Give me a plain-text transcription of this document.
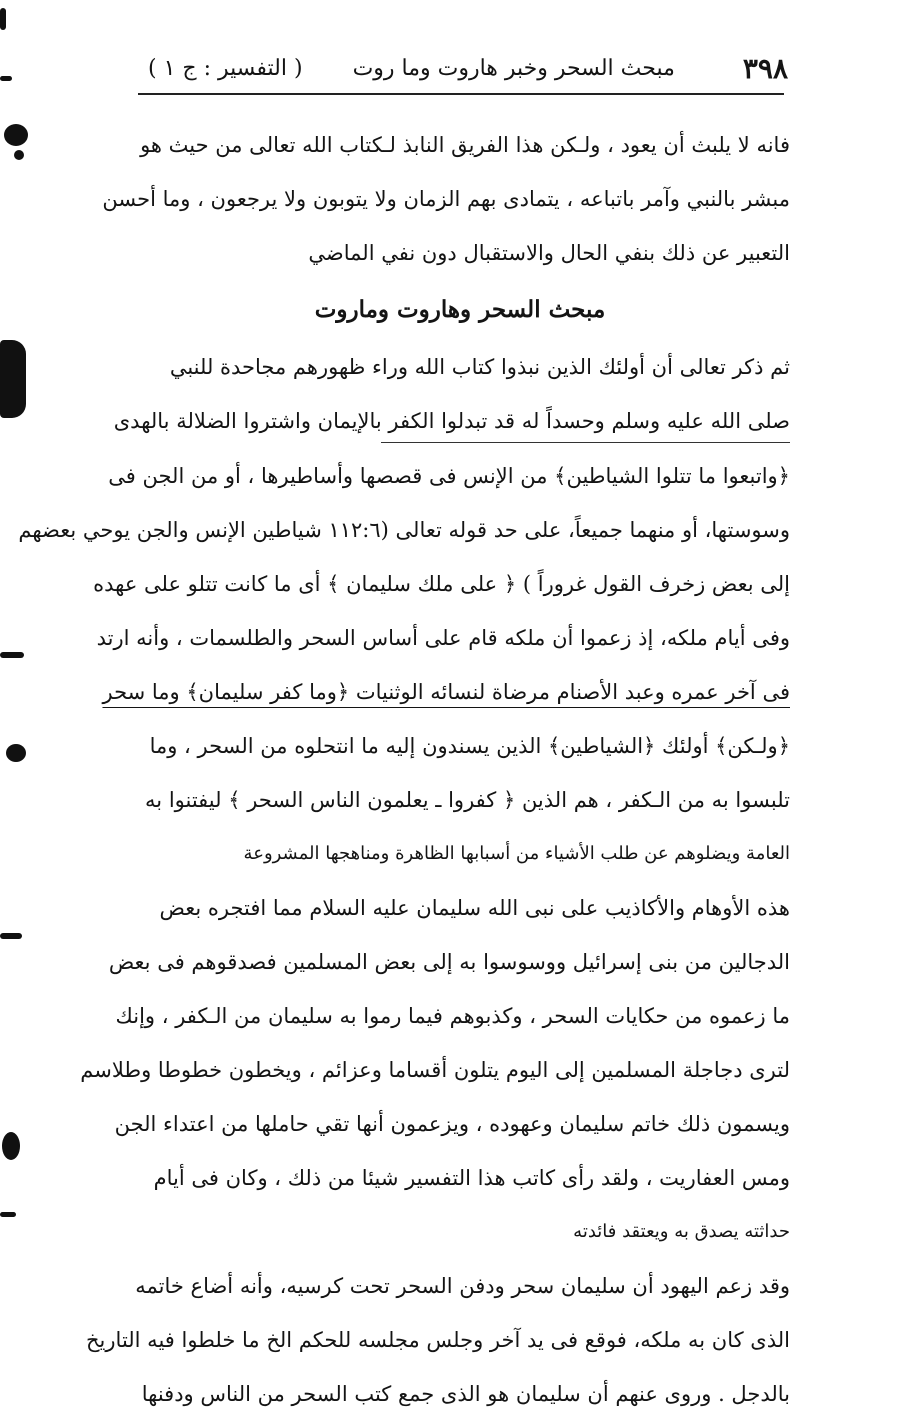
٣٩٨
مبحث السحر وخبر هاروت وما روت
( التفسير : ج ١ )
فانه لا يلبث أن يعود ، ولـكن هذا الفريق النابذ لـكتاب الله تعالى من حيث هو
مبشر بالنبي وآمر باتباعه ، يتمادى بهم الزمان ولا يتوبون ولا يرجعون ، وما أحسن
التعبير عن ذلك بنفي الحال والاستقبال دون نفي الماضي
مبحث السحر وهاروت وماروت
ثم ذكر تعالى أن أولئك الذين نبذوا كتاب الله وراء ظهورهم مجاحدة للنبي
صلى الله عليه وسلم وحسداً له قد تبدلوا الكفر بالإيمان واشتروا الضلالة بالهدى
﴿واتبعوا ما تتلوا الشياطين﴾ من الإنس فى قصصها وأساطيرها ، أو من الجن فى
وسوستها، أو منهما جميعاً، على حد قوله تعالى (١١٢:٦ شياطين الإنس والجن يوحي بعضهم
إلى بعض زخرف القول غروراً ) ﴿ على ملك سليمان ﴾ أى ما كانت تتلو على عهده
وفى أيام ملكه، إذ زعموا أن ملكه قام على أساس السحر والطلسمات ، وأنه ارتد
فى آخر عمره وعبد الأصنام مرضاة لنسائه الوثنيات ﴿وما كفر سليمان﴾ وما سحر
﴿ولـكن﴾ أولئك ﴿الشياطين﴾ الذين يسندون إليه ما انتحلوه من السحر ، وما
تلبسوا به من الـكفر ، هم الذين ﴿ كفروا ـ يعلمون الناس السحر ﴾ ليفتنوا به
العامة ويضلوهم عن طلب الأشياء من أسبابها الظاهرة ومناهجها المشروعة
هذه الأوهام والأكاذيب على نبى الله سليمان عليه السلام مما افتجره بعض
الدجالين من بنى إسرائيل ووسوسوا به إلى بعض المسلمين فصدقوهم فى بعض
ما زعموه من حكايات السحر ، وكذبوهم فيما رموا به سليمان من الـكفر ، وإنك
لترى دجاجلة المسلمين إلى اليوم يتلون أقساما وعزائم ، ويخطون خطوطا وطلاسم
ويسمون ذلك خاتم سليمان وعهوده ، ويزعمون أنها تقي حاملها من اعتداء الجن
ومس العفاريت ، ولقد رأى كاتب هذا التفسير شيئا من ذلك ، وكان فى أيام
حداثته يصدق به ويعتقد فائدته
وقد زعم اليهود أن سليمان سحر ودفن السحر تحت كرسيه، وأنه أضاع خاتمه
الذى كان به ملكه، فوقع فى يد آخر وجلس مجلسه للحكم الخ ما خلطوا فيه التاريخ
بالدجل . وروى عنهم أن سليمان هو الذى جمع كتب السحر من الناس ودفنها
